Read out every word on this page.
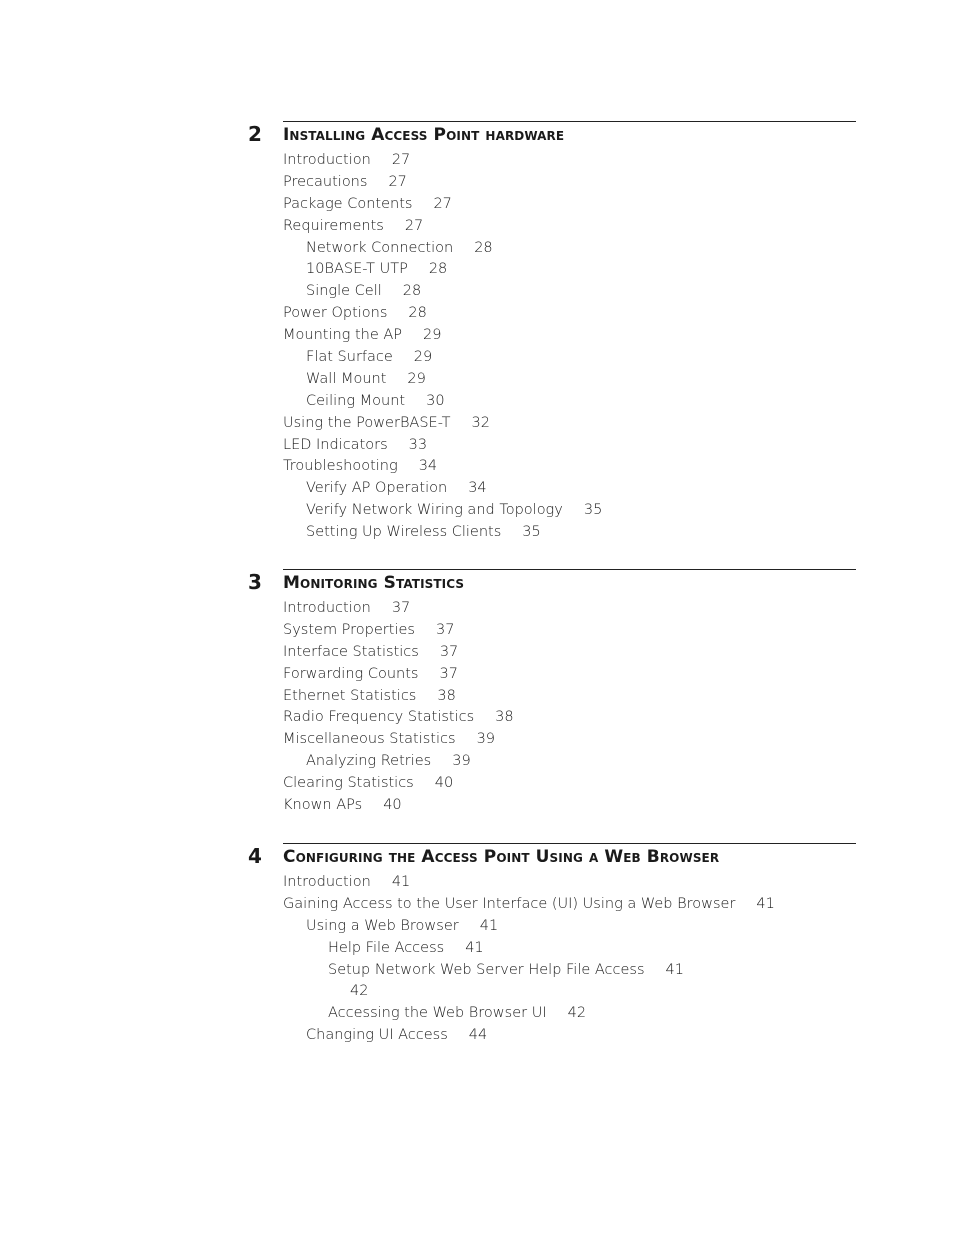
2 Installing Access Point hardware
Introduction 27
Precautions 27
Package Contents 27
Requirements 27
Network Connection 28
10BASE-T UTP 28
Single Cell 28
Power Options 28
Mounting the AP 29
Flat Surface 29
Wall Mount 29
Ceiling Mount 30
Using the PowerBASE-T 32
LED Indicators 33
Troubleshooting 34
Verify AP Operation 34
Verify Network Wiring and Topology 35
Setting Up Wireless Clients 35
3 Monitoring Statistics
Introduction 37
System Properties 37
Interface Statistics 37
Forwarding Counts 37
Ethernet Statistics 38
Radio Frequency Statistics 38
Miscellaneous Statistics 39
Analyzing Retries 39
Clearing Statistics 40
Known APs 40
4 Configuring the Access Point Using a Web Browser
Introduction 41
Gaining Access to the User Interface (UI) Using a Web Browser 41
Using a Web Browser 41
Help File Access 41
Setup Network Web Server Help File Access 41
42
Accessing the Web Browser UI 42
Changing UI Access 44
